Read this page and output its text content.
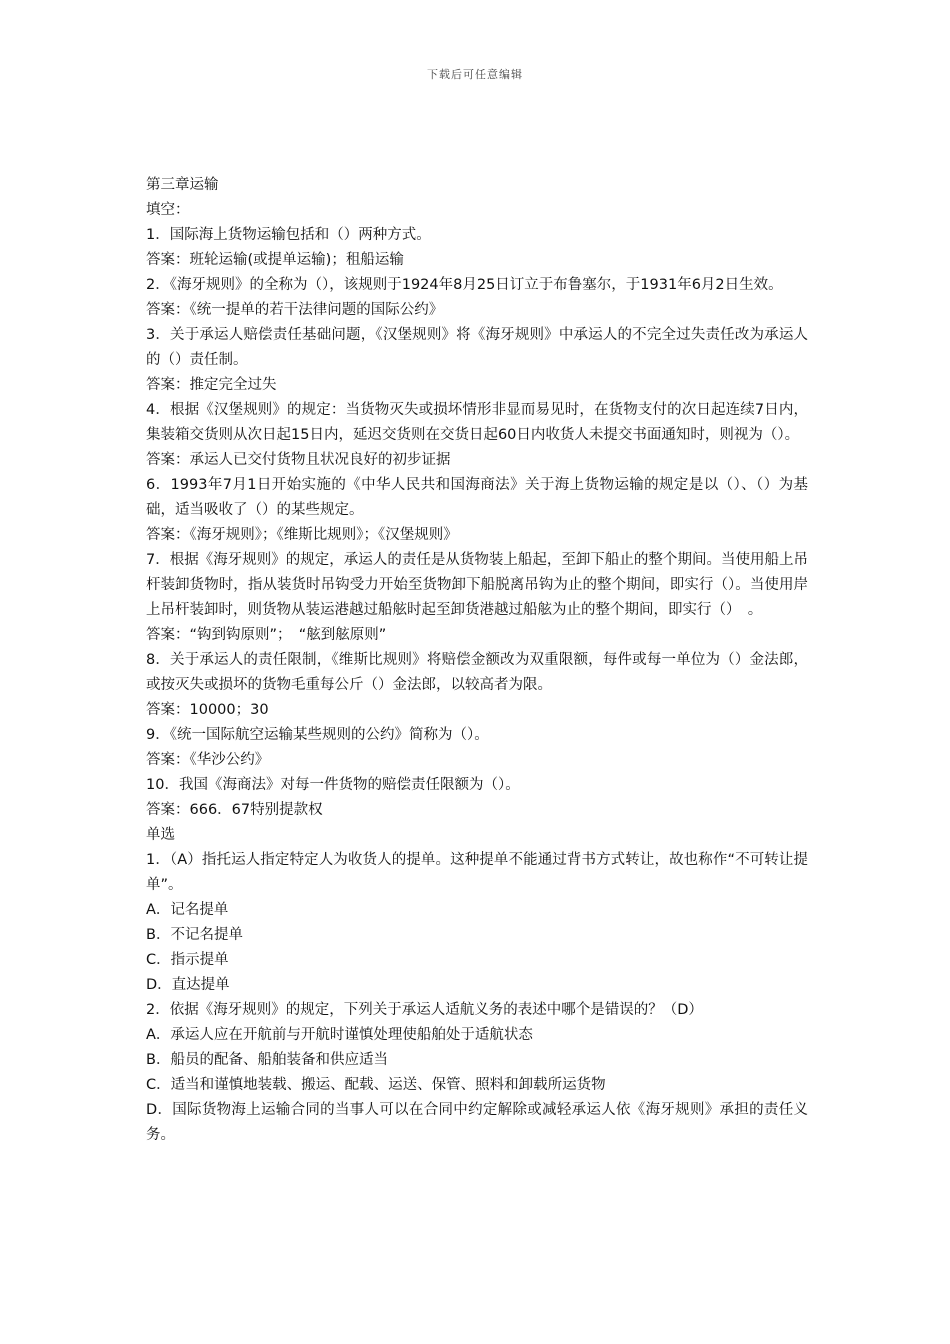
下载后可任意编辑
第三章运输
填空：
1．国际海上货物运输包括和（）两种方式。
答案：班轮运输(或提单运输)；租船运输
2．《海牙规则》的全称为（），该规则于1924年8月25日订立于布鲁塞尔，于1931年6月2日生效。
答案：《统一提单的若干法律问题的国际公约》
3．关于承运人赔偿责任基础问题，《汉堡规则》将《海牙规则》中承运人的不完全过失责任改为承运人的（）责任制。
答案：推定完全过失
4．根据《汉堡规则》的规定：当货物灭失或损坏情形非显而易见时，在货物支付的次日起连续7日内，集装箱交货则从次日起15日内，延迟交货则在交货日起60日内收货人未提交书面通知时，则视为（）。
答案：承运人已交付货物且状况良好的初步证据
6．1993年7月1日开始实施的《中华人民共和国海商法》关于海上货物运输的规定是以（）、（）为基础，适当吸收了（）的某些规定。
答案：《海牙规则》；《维斯比规则》；《汉堡规则》
7．根据《海牙规则》的规定，承运人的责任是从货物装上船起，至卸下船止的整个期间。当使用船上吊杆装卸货物时，指从装货时吊钩受力开始至货物卸下船脱离吊钩为止的整个期间，即实行（）。当使用岸上吊杆装卸时，则货物从装运港越过船舷时起至卸货港越过船舷为止的整个期间，即实行（）　。
答案：“钩到钩原则”；　“舷到舷原则”
8．关于承运人的责任限制，《维斯比规则》将赔偿金额改为双重限额，每件或每一单位为（）金法郎，或按灭失或损坏的货物毛重每公斤（）金法郎，以较高者为限。
答案：10000；30
9．《统一国际航空运输某些规则的公约》简称为（）。
答案：《华沙公约》
10．我国《海商法》对每一件货物的赔偿责任限额为（）。
答案：666．67特别提款权
单选
1．（A）指托运人指定特定人为收货人的提单。这种提单不能通过背书方式转让，故也称作“不可转让提单”。
A．记名提单
B．不记名提单
C．指示提单
D．直达提单
2．依据《海牙规则》的规定，下列关于承运人适航义务的表述中哪个是错误的？（D）
A．承运人应在开航前与开航时谨慎处理使船舶处于适航状态
B．船员的配备、船舶装备和供应适当
C．适当和谨慎地装载、搬运、配载、运送、保管、照料和卸载所运货物
D．国际货物海上运输合同的当事人可以在合同中约定解除或减轻承运人依《海牙规则》承担的责任义务。
